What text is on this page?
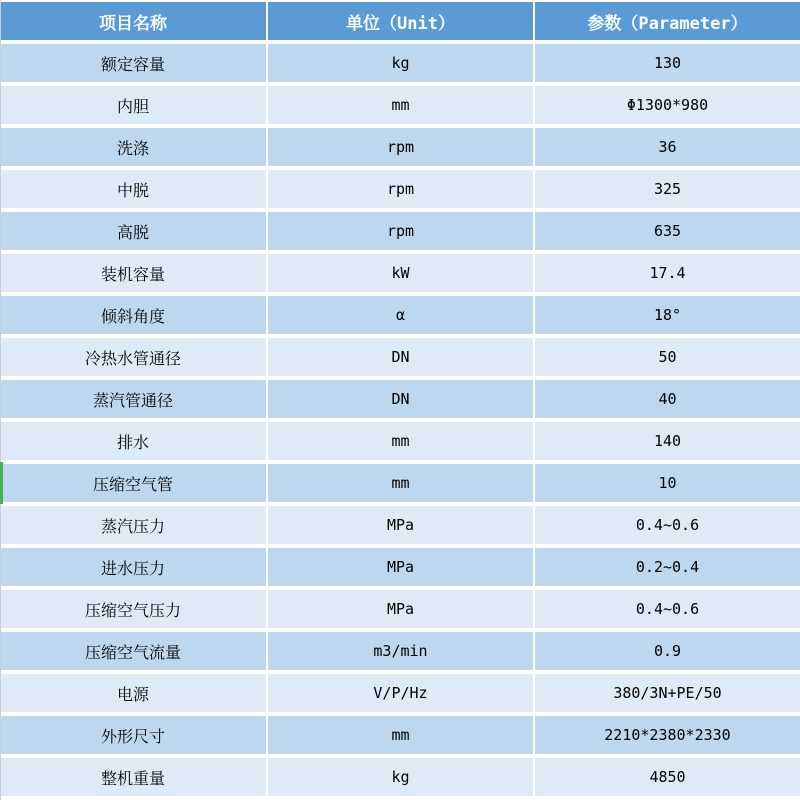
项目名称	单位（Unit）	参数（Parameter）
额定容量	kg	130
内胆	mm	Φ1300*980
洗涤	rpm	36
中脱	rpm	325
高脱	rpm	635
装机容量	kW	17.4
倾斜角度	α	18°
冷热水管通径	DN	50
蒸汽管通径	DN	40
排水	mm	140
压缩空气管	mm	10
蒸汽压力	MPa	0.4~0.6
进水压力	MPa	0.2~0.4
压缩空气压力	MPa	0.4~0.6
压缩空气流量	m3/min	0.9
电源	V/P/Hz	380/3N+PE/50
外形尺寸	mm	2210*2380*2330
整机重量	kg	4850
